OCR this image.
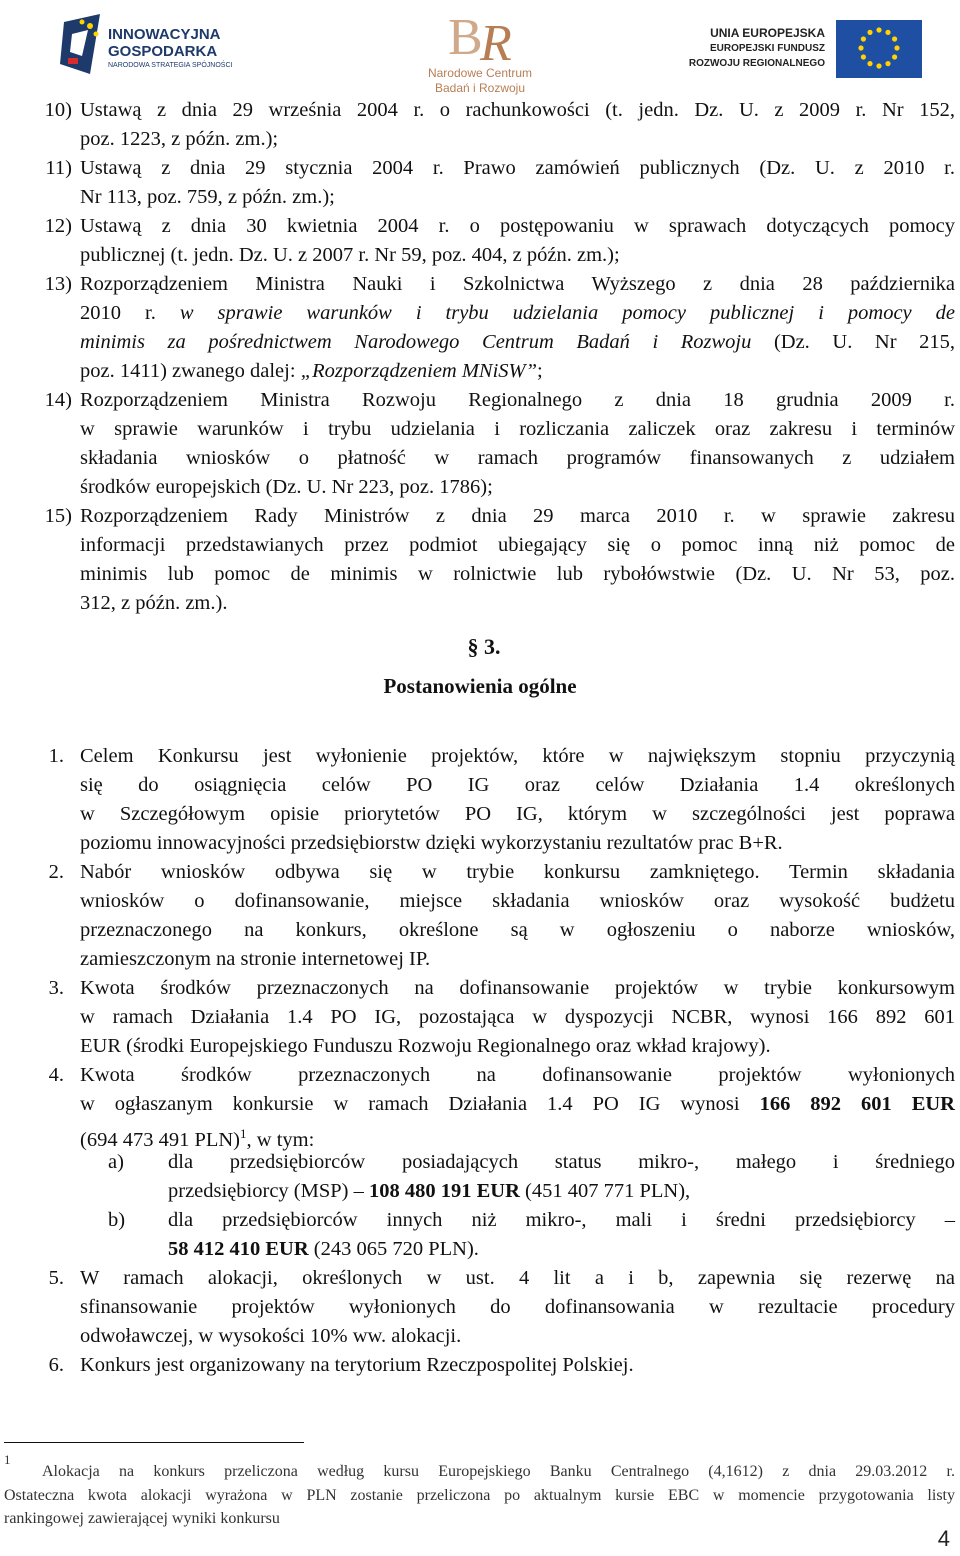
INNOWACYJNA
GOSPODARKA
NARODOWA STRATEGIA SPÓJNOŚCI	B
R
Narodowe Centrum
Badań i Rozwoju
UNIA EUROPEJSKA
EUROPEJSKI FUNDUSZ
ROZWOJU REGIONALNEGO
10) Ustawą z dnia 29 września 2004 r. o rachunkowości (t. jedn. Dz. U. z 2009 r. Nr 152,
poz. 1223, z późn. zm.);
11) Ustawą z dnia 29 stycznia 2004 r. Prawo zamówień publicznych (Dz. U. z 2010 r.
Nr 113, poz. 759, z późn. zm.);
12) Ustawą z dnia 30 kwietnia 2004 r. o postępowaniu w sprawach dotyczących pomocy
publicznej (t. jedn. Dz. U. z 2007 r. Nr 59, poz. 404, z późn. zm.);
13) Rozporządzeniem Ministra Nauki i Szkolnictwa Wyższego z dnia 28 października
2010 r. w sprawie warunków i trybu udzielania pomocy publicznej i pomocy de
minimis za pośrednictwem Narodowego Centrum Badań i Rozwoju (Dz. U. Nr 215,
poz. 1411) zwanego dalej: „Rozporządzeniem MNiSW”;
14) Rozporządzeniem Ministra Rozwoju Regionalnego z dnia 18 grudnia 2009 r.
w sprawie warunków i trybu udzielania i rozliczania zaliczek oraz zakresu i terminów
składania wniosków o płatność w ramach programów finansowanych z udziałem
środków europejskich (Dz. U. Nr 223, poz. 1786);
15) Rozporządzeniem Rady Ministrów z dnia 29 marca 2010 r. w sprawie zakresu
informacji przedstawianych przez podmiot ubiegający się o pomoc inną niż pomoc de
minimis lub pomoc de minimis w rolnictwie lub rybołówstwie (Dz. U. Nr 53, poz.
312, z późn. zm.).
§ 3.
Postanowienia ogólne
1. Celem Konkursu jest wyłonienie projektów, które w największym stopniu przyczynią
się do osiągnięcia celów PO IG oraz celów Działania 1.4 określonych
w Szczegółowym opisie priorytetów PO IG, którym w szczególności jest poprawa
poziomu innowacyjności przedsiębiorstw dzięki wykorzystaniu rezultatów prac B+R.
2. Nabór wniosków odbywa się w trybie konkursu zamkniętego. Termin składania
wniosków o dofinansowanie, miejsce składania wniosków oraz wysokość budżetu
przeznaczonego na konkurs, określone są w ogłoszeniu o naborze wniosków,
zamieszczonym na stronie internetowej IP.
3. Kwota środków przeznaczonych na dofinansowanie projektów w trybie konkursowym
w ramach Działania 1.4 PO IG, pozostająca w dyspozycji NCBR, wynosi 166 892 601
EUR (środki Europejskiego Funduszu Rozwoju Regionalnego oraz wkład krajowy).
4. Kwota środków przeznaczonych na dofinansowanie projektów wyłonionych
w ogłaszanym konkursie w ramach Działania 1.4 PO IG wynosi 166 892 601 EUR
(694 473 491 PLN)$^1$, w tym:
a) dla przedsiębiorców posiadających status mikro-, małego i średniego
przedsiębiorcy (MSP) – 108 480 191 EUR (451 407 771 PLN),
b) dla przedsiębiorców innych niż mikro-, mali i średni przedsiębiorcy –
58 412 410 EUR (243 065 720 PLN).
5. W ramach alokacji, określonych w ust. 4 lit a i b, zapewnia się rezerwę na
sfinansowanie projektów wyłonionych do dofinansowania w rezultacie procedury
odwoławczej, w wysokości 10% ww. alokacji.
6. Konkurs jest organizowany na terytorium Rzeczpospolitej Polskiej.
1
Alokacja na konkurs przeliczona według kursu Europejskiego Banku Centralnego (4,1612) z dnia 29.03.2012 r.
Ostateczna kwota alokacji wyrażona w PLN zostanie przeliczona po aktualnym kursie EBC w momencie przygotowania listy
rankingowej zawierającej wyniki konkursu
4
